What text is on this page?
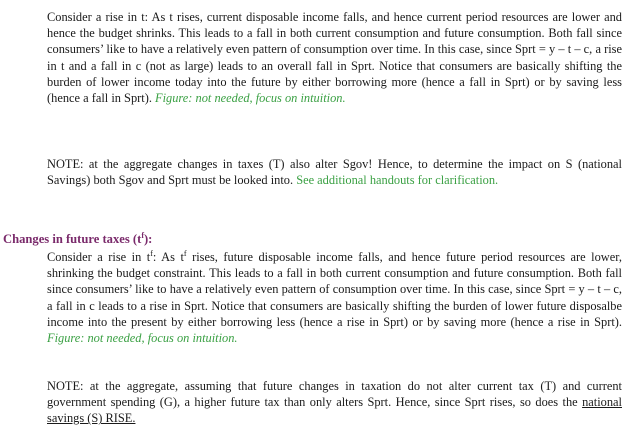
Consider a rise in t: As t rises, current disposable income falls, and hence current period resources are lower and hence the budget shrinks. This leads to a fall in both current consumption and future consumption. Both fall since consumers’ like to have a relatively even pattern of consumption over time. In this case, since Sprt = y – t – c, a rise in t and a fall in c (not as large) leads to an overall fall in Sprt. Notice that consumers are basically shifting the burden of lower income today into the future by either borrowing more (hence a fall in Sprt) or by saving less (hence a fall in Sprt). Figure: not needed, focus on intuition.

NOTE: at the aggregate changes in taxes (T) also alter Sgov! Hence, to determine the impact on S (national Savings) both Sgov and Sprt must be looked into. See additional handouts for clarification.

Changes in future taxes $(t^f)$:

Consider a rise in $t^f$: As $t^f$ rises, future disposable income falls, and hence future period resources are lower, shrinking the budget constraint. This leads to a fall in both current consumption and future consumption. Both fall since consumers’ like to have a relatively even pattern of consumption over time. In this case, since Sprt = y – t – c, a fall in c leads to a rise in Sprt. Notice that consumers are basically shifting the burden of lower future disposalbe income into the present by either borrowing less (hence a rise in Sprt) or by saving more (hence a rise in Sprt). Figure: not needed, focus on intuition.

NOTE: at the aggregate, assuming that future changes in taxation do not alter current tax (T) and current government spending (G), a higher future tax than only alters Sprt. Hence, since Sprt rises, so does the national savings (S) RISE.
